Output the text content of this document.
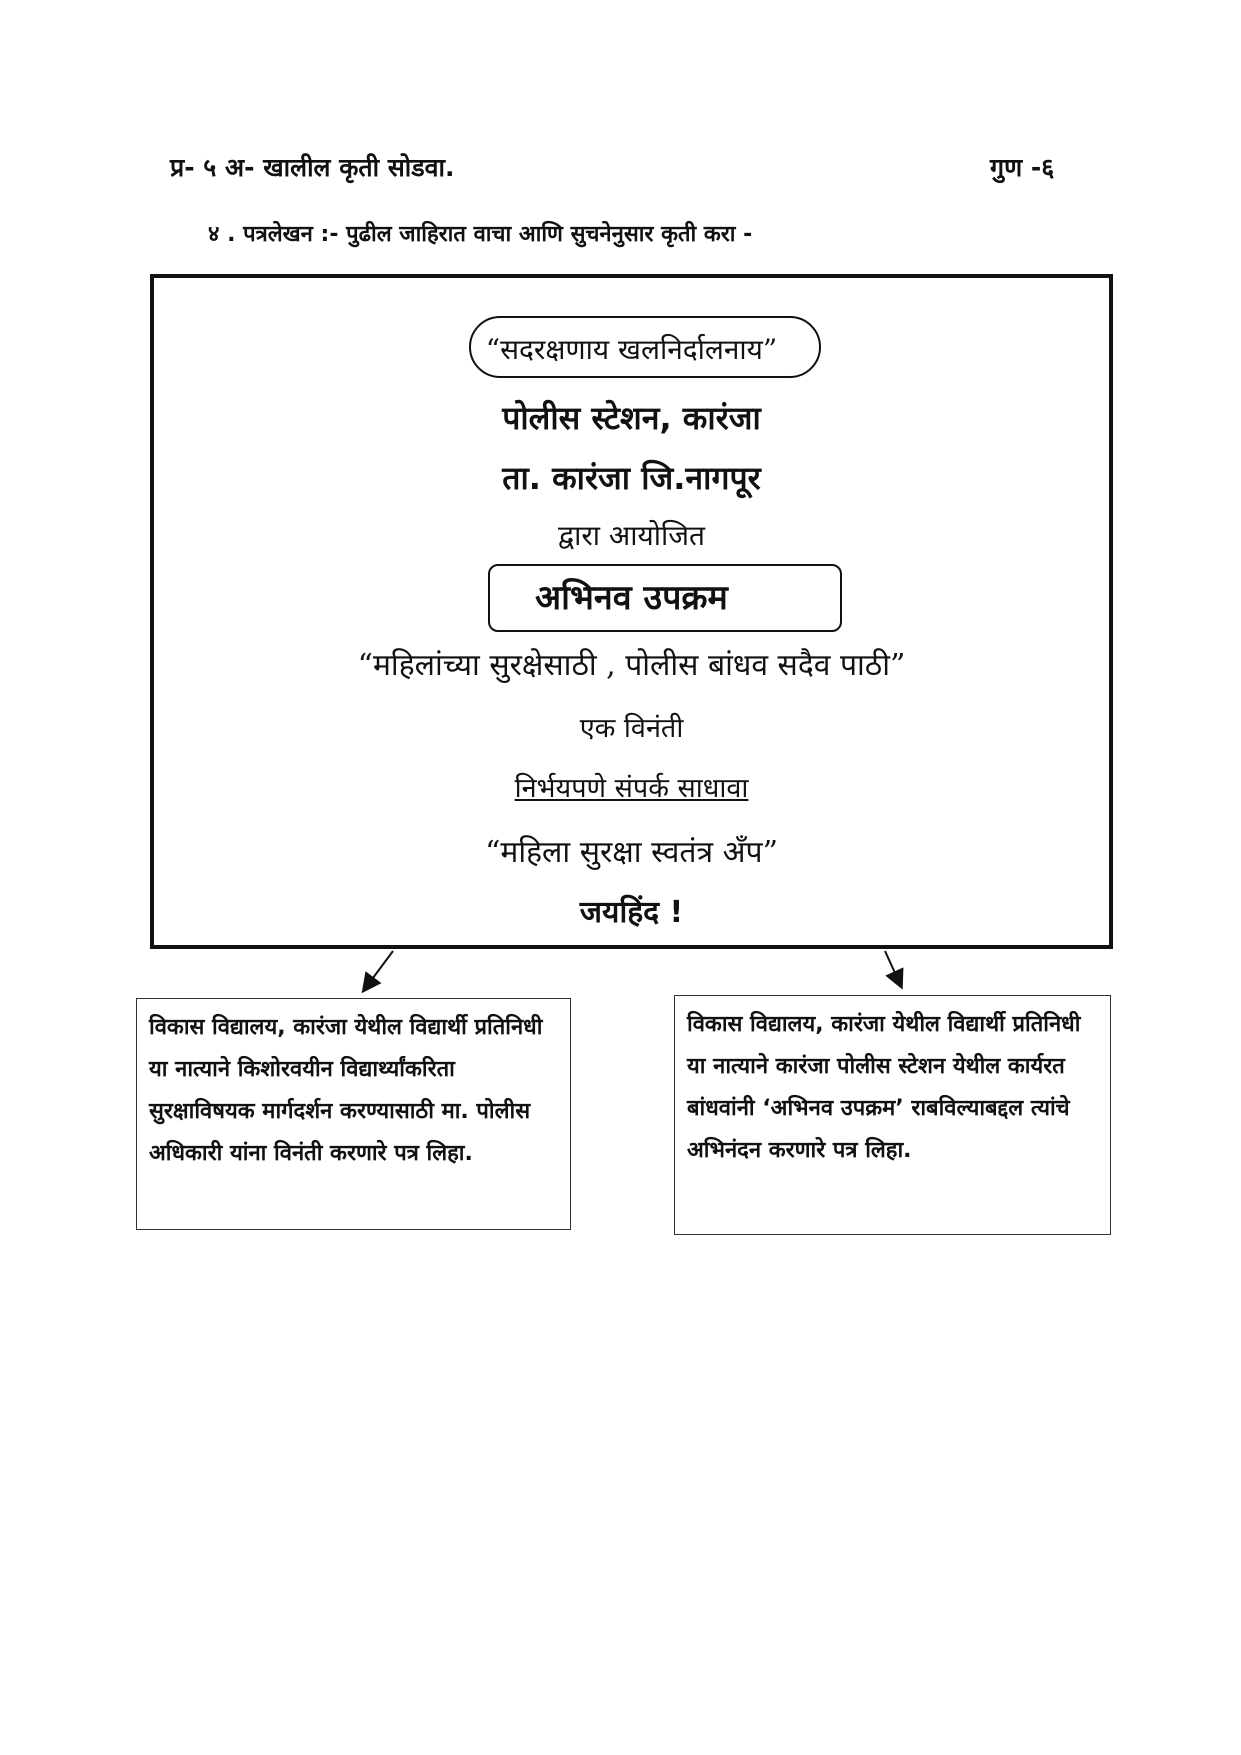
प्र- ५ अ- खालील कृती सोडवा.	गुण -६
४ . पत्रलेखन :- पुढील जाहिरात वाचा आणि सुचनेनुसार कृती करा -
“सदरक्षणाय खलनिर्दालनाय”
पोलीस स्टेशन, कारंजा
ता. कारंजा जि.नागपूर
द्वारा आयोजित
अभिनव उपक्रम
“महिलांच्या सुरक्षेसाठी , पोलीस बांधव सदैव पाठी”
एक विनंती
निर्भयपणे संपर्क साधावा
“महिला सुरक्षा स्वतंत्र अँप”
जयहिंद !
विकास विद्यालय, कारंजा येथील विद्यार्थी प्रतिनिधी या नात्याने किशोरवयीन विद्यार्थ्यांकरिता सुरक्षाविषयक मार्गदर्शन करण्यासाठी मा. पोलीस अधिकारी यांना विनंती करणारे पत्र लिहा.
विकास विद्यालय, कारंजा येथील विद्यार्थी प्रतिनिधी या नात्याने कारंजा पोलीस स्टेशन येथील कार्यरत बांधवांनी ‘अभिनव उपक्रम’ राबविल्याबद्दल त्यांचे अभिनंदन करणारे पत्र लिहा.
